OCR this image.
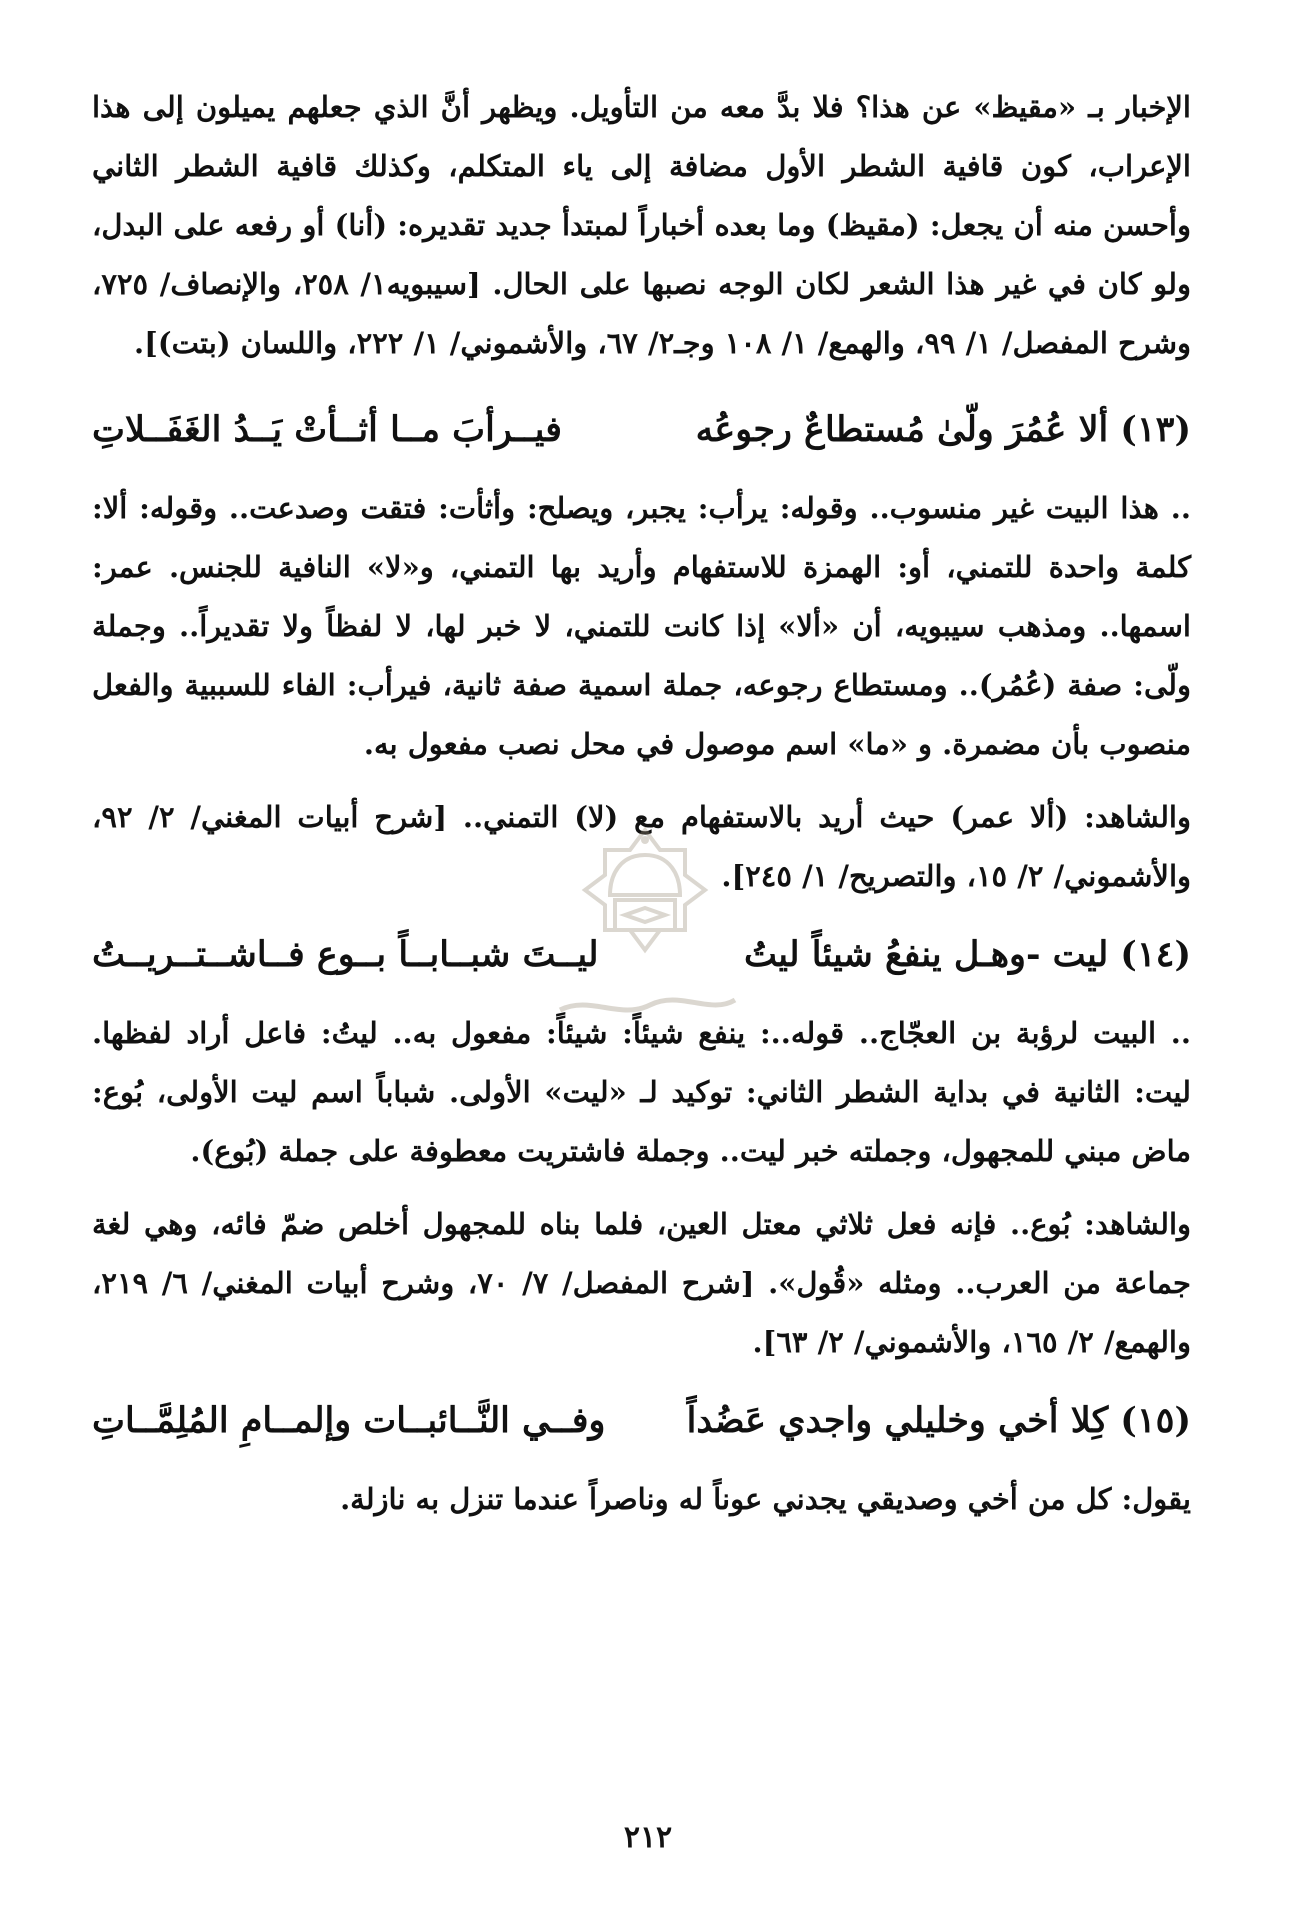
الإخبار بـ «مقيظ» عن هذا؟ فلا بدَّ معه من التأويل. ويظهر أنَّ الذي جعلهم يميلون إلى هذا الإعراب، كون قافية الشطر الأول مضافة إلى ياء المتكلم، وكذلك قافية الشطر الثاني وأحسن منه أن يجعل: (مقيظ) وما بعده أخباراً لمبتدأ جديد تقديره: (أنا) أو رفعه على البدل، ولو كان في غير هذا الشعر لكان الوجه نصبها على الحال. [سيبويه١/ ٢٥٨، والإنصاف/ ٧٢٥، وشرح المفصل/ ١/ ٩٩، والهمع/ ١/ ١٠٨ وجـ٢/ ٦٧، والأشموني/ ١/ ٢٢٢، واللسان (بتت)].

(١٣)ألا عُمُرَ ولّىٰ مُستطاعٌ رجوعُه
فيــرأبَ مــا أثــأتْ يَــدُ الغَفَــلاتِ

.. هذا البيت غير منسوب.. وقوله: يرأب: يجبر، ويصلح: وأثأت: فتقت وصدعت.. وقوله: ألا: كلمة واحدة للتمني، أو: الهمزة للاستفهام وأريد بها التمني، و«لا» النافية للجنس. عمر: اسمها.. ومذهب سيبويه، أن «ألا» إذا كانت للتمني، لا خبر لها، لا لفظاً ولا تقديراً.. وجملة ولّى: صفة (عُمُر).. ومستطاع رجوعه، جملة اسمية صفة ثانية، فيرأب: الفاء للسببية والفعل منصوب بأن مضمرة. و «ما» اسم موصول في محل نصب مفعول به.

والشاهد: (ألا عمر) حيث أريد بالاستفهام مع (لا) التمني.. [شرح أبيات المغني/ ٢/ ٩٢، والأشموني/ ٢/ ١٥، والتصريح/ ١/ ٢٤٥].

(١٤)ليت -وهـل ينفعُ شيئاً ليتُ
ليــتَ شبــابــاً بــوع فــاشــتــريــتُ

.. البيت لرؤبة بن العجّاج.. قوله..: ينفع شيئاً: شيئاً: مفعول به.. ليتُ: فاعل أراد لفظها. ليت: الثانية في بداية الشطر الثاني: توكيد لـ «ليت» الأولى. شباباً اسم ليت الأولى، بُوع: ماض مبني للمجهول، وجملته خبر ليت.. وجملة فاشتريت معطوفة على جملة (بُوع).

والشاهد: بُوع.. فإنه فعل ثلاثي معتل العين، فلما بناه للمجهول أخلص ضمّ فائه، وهي لغة جماعة من العرب.. ومثله «قُول». [شرح المفصل/ ٧/ ٧٠، وشرح أبيات المغني/ ٦/ ٢١٩، والهمع/ ٢/ ١٦٥، والأشموني/ ٢/ ٦٣].

(١٥)كِلا أخي وخليلي واجدي عَضُداً
وفــي النَّــائبــات وإلمــامِ المُلِمَّــاتِ

يقول: كل من أخي وصديقي يجدني عوناً له وناصراً عندما تنزل به نازلة.

٢١٢
